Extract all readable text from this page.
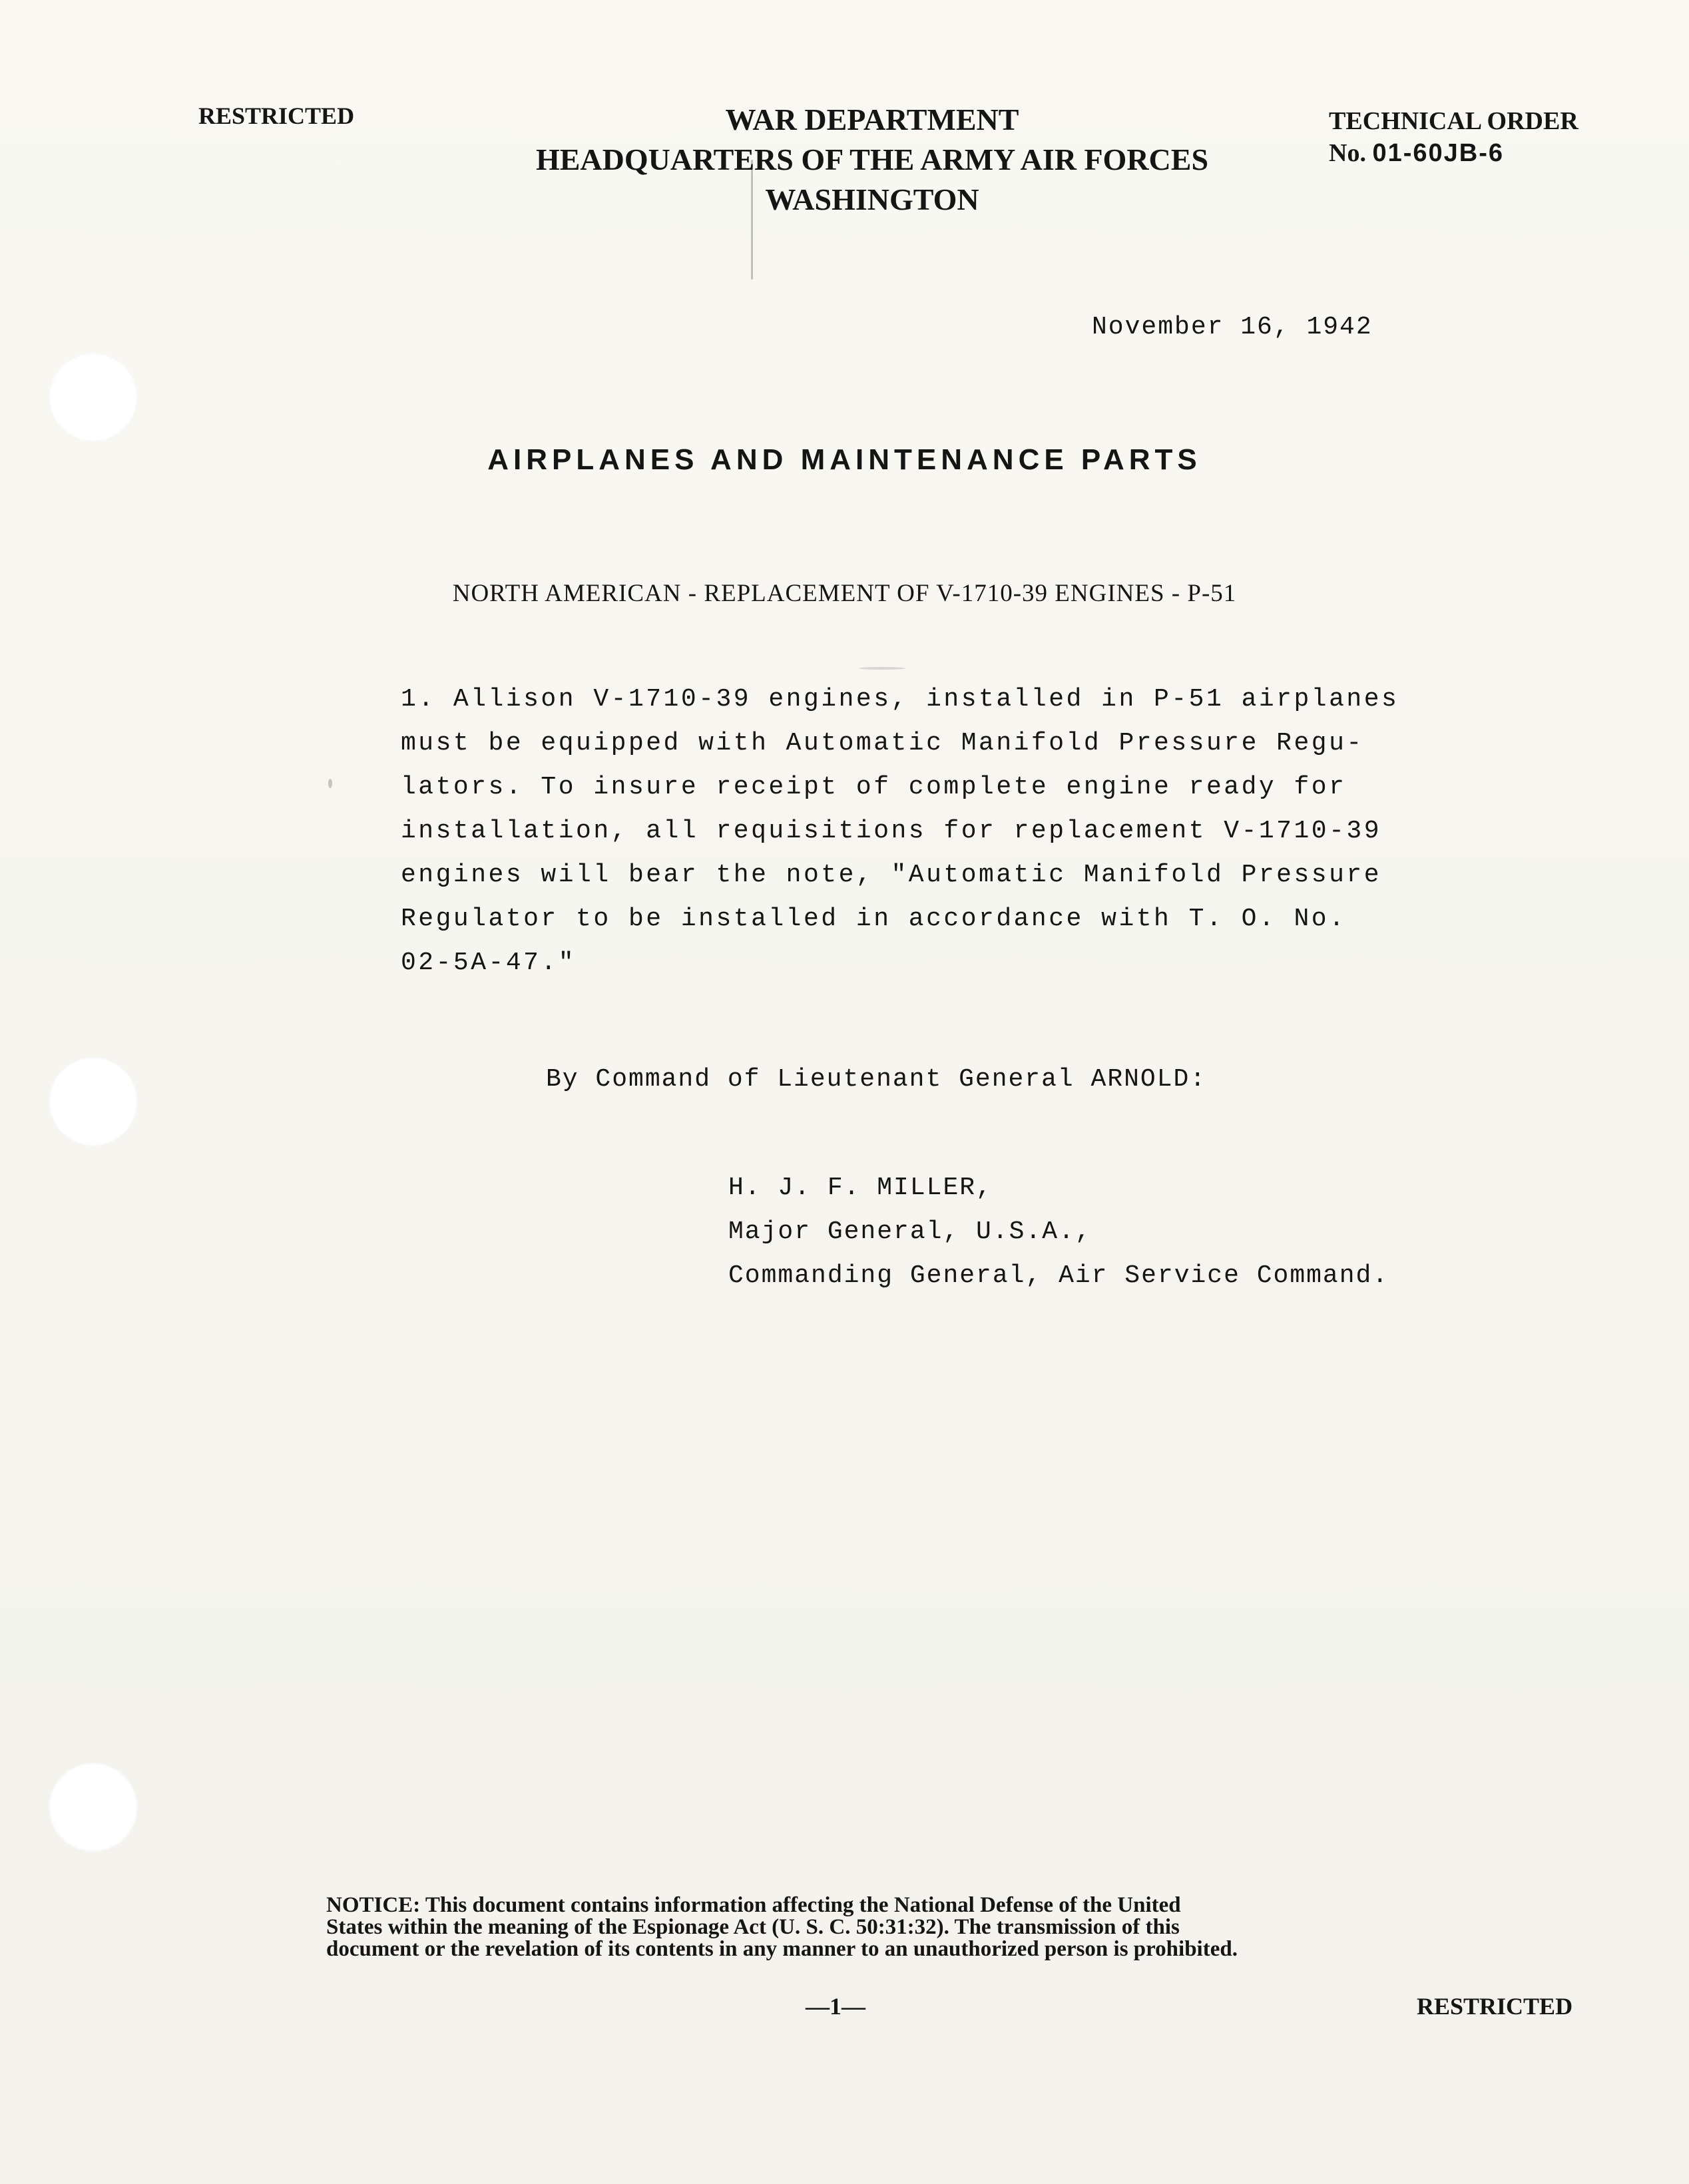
RESTRICTED	WAR DEPARTMENT
HEADQUARTERS OF THE ARMY AIR FORCES
WASHINGTON
TECHNICAL ORDER
No. 01-60JB-6
November 16, 1942
AIRPLANES AND MAINTENANCE PARTS
NORTH AMERICAN - REPLACEMENT OF V-1710-39 ENGINES - P-51
1. Allison V-1710-39 engines, installed in P-51 airplanes
must be equipped with Automatic Manifold Pressure Regu-
lators. To insure receipt of complete engine ready for
installation, all requisitions for replacement V-1710-39
engines will bear the note, "Automatic Manifold Pressure
Regulator to be installed in accordance with T. O. No.
02-5A-47."
By Command of Lieutenant General ARNOLD:
H. J. F. MILLER,
Major General, U.S.A.,
Commanding General, Air Service Command.
NOTICE: This document contains information affecting the National Defense of the United
States within the meaning of the Espionage Act (U. S. C. 50:31:32). The transmission of this
document or the revelation of its contents in any manner to an unauthorized person is prohibited.
—1—	RESTRICTED
